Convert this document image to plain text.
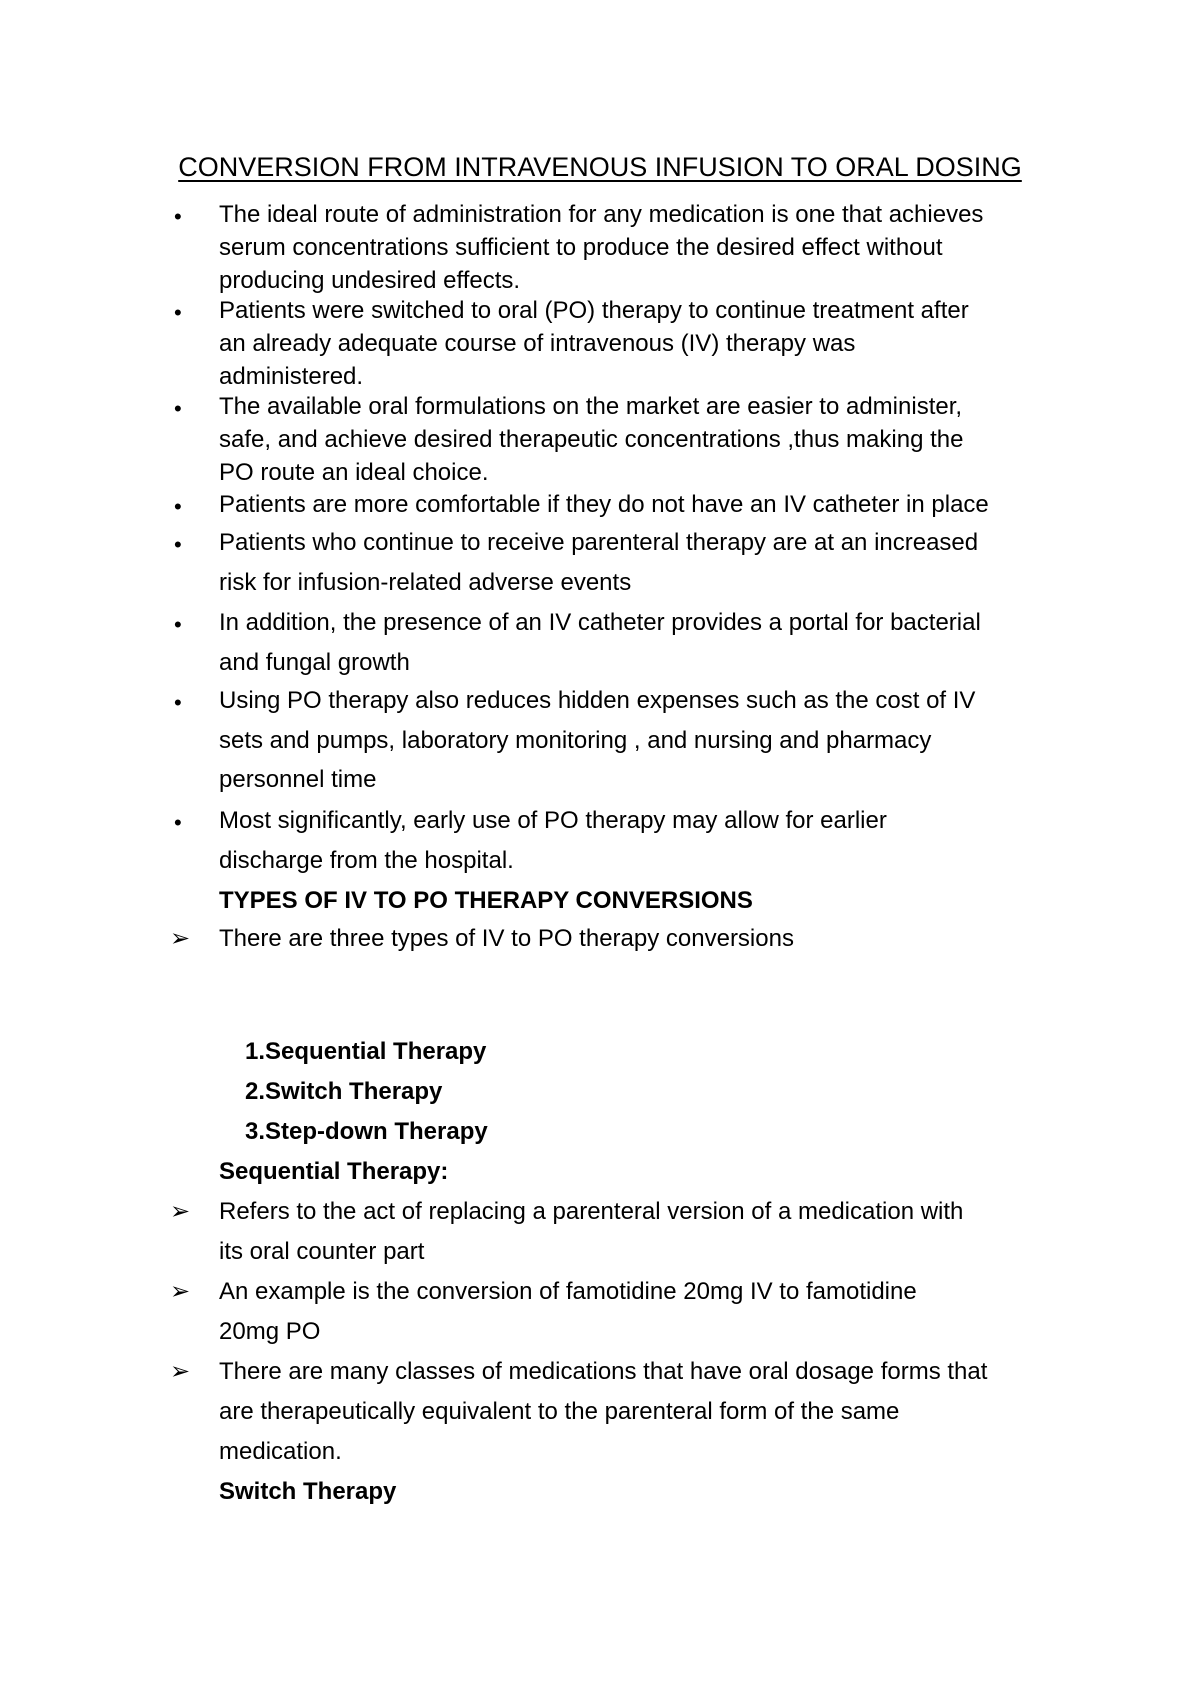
CONVERSION FROM INTRAVENOUS INFUSION TO ORAL DOSING
• The ideal route of administration for any medication is one that achieves
serum concentrations sufficient to produce the desired effect without
producing undesired effects.
• Patients were switched to oral (PO) therapy to continue treatment after
an already adequate course of intravenous (IV) therapy was
administered.
• The available oral formulations on the market are easier to administer,
safe, and achieve desired therapeutic concentrations ,thus making the
PO route an ideal choice.
• Patients are more comfortable if they do not have an IV catheter in place
• Patients who continue to receive parenteral therapy are at an increased
risk for infusion-related adverse events
• In addition, the presence of an IV catheter provides a portal for bacterial
and fungal growth
• Using PO therapy also reduces hidden expenses such as the cost of IV
sets and pumps, laboratory monitoring , and nursing and pharmacy
personnel time
• Most significantly, early use of PO therapy may allow for earlier
discharge from the hospital.
TYPES OF IV TO PO THERAPY CONVERSIONS
➢ There are three types of IV to PO therapy conversions
1.Sequential Therapy
2.Switch Therapy
3.Step-down Therapy
Sequential Therapy:
➢ Refers to the act of replacing a parenteral version of a medication with
its oral counter part
➢ An example is the conversion of famotidine 20mg IV to famotidine
20mg PO
➢ There are many classes of medications that have oral dosage forms that
are therapeutically equivalent to the parenteral form of the same
medication.
Switch Therapy
